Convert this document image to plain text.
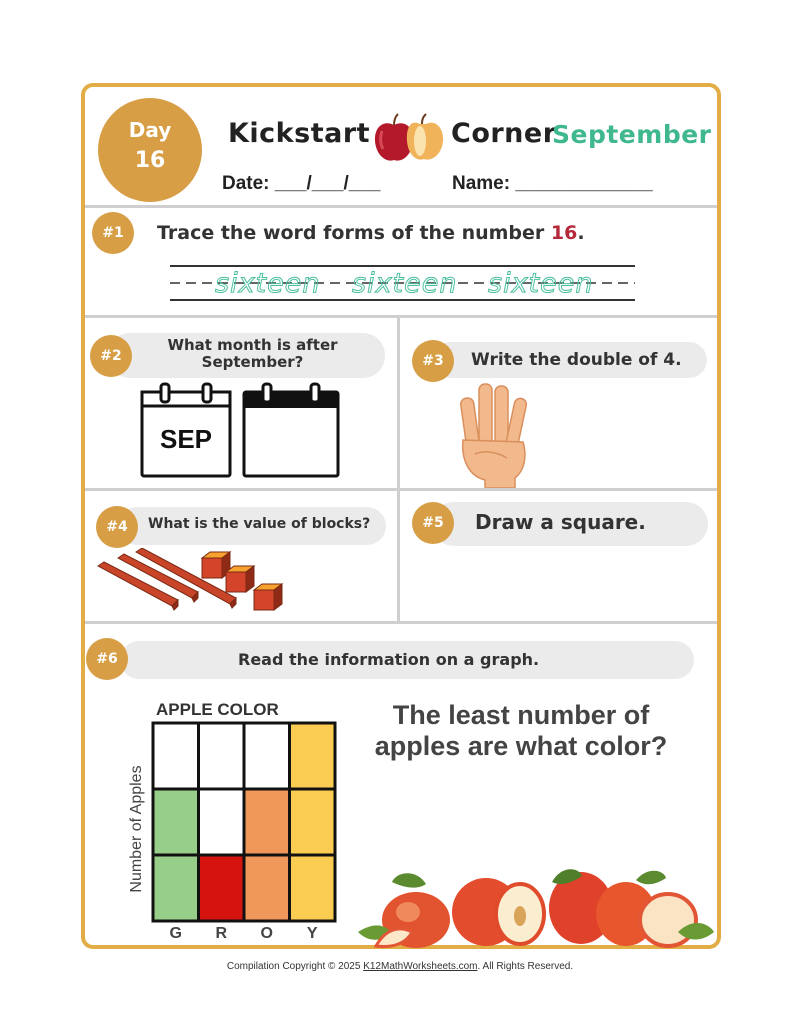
Day
16
Kickstart	Corner
September
Date: ___/___/___	Name: _____________
#1	Trace the word forms of the number 16.
sixteen sixteen sixteen
#2
What month is after
September?
SEP
#3	Write the double of 4.
#4	What is the value of blocks?	#5	Draw a square.
#6	Read the information on a graph.
APPLE COLOR
Number of Apples
G	R	O	Y
The least number of apples are what color?
Compilation Copyright © 2025 K12MathWorksheets.com. All Rights Reserved.
